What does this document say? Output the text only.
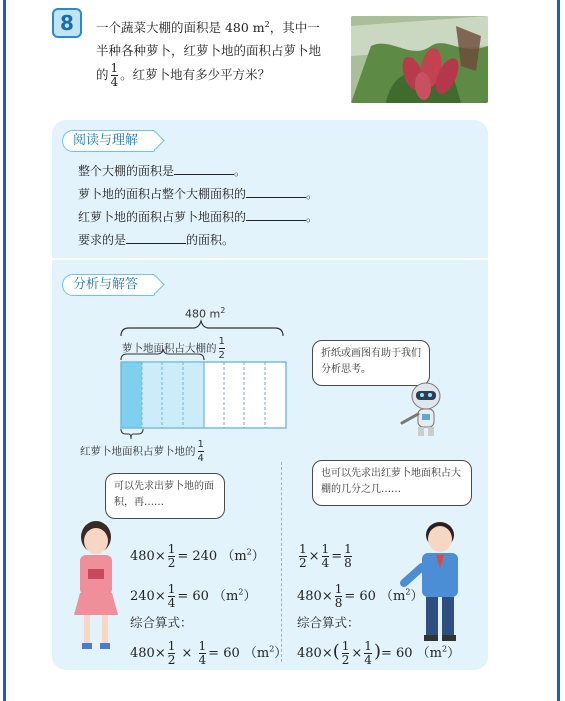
8	一个蔬菜大棚的面积是 480 $m^2$，其中一
半种各种萝卜，红萝卜地的面积占萝卜地
的 $\frac{1}{4}$ 。红萝卜地有多少平方米？
阅读与理解
整个大棚的面积是	。
萝卜地的面积占整个大棚面积的	。
红萝卜地的面积占萝卜地面积的	。
要求的是	的面积。
分析与解答
480 $m^2$
萝卜地面积占大棚的 $\frac{1}{2}$
红萝卜地面积占萝卜地的 $\frac{1}{4}$
折纸或画图有助于我们分析思考。
可以先求出萝卜地的面积，再……
也可以先求出红萝卜地面积占大棚的几分之几……
$480\times \frac{1}{2} = 240$ $(m^2)$
$240\times \frac{1}{4} = 60$ $(m^2)$
综合算式：
$480\times \frac{1}{2} \times \frac{1}{4} = 60$ $(m^2)$
$\frac{1}{2} \times \frac{1}{4} = \frac{1}{8}$
$480\times \frac{1}{8} = 60$ $(m^2)$
综合算式：
$480\times( \frac{1}{2} \times \frac{1}{4}$ )= 60 $(m^2)$
